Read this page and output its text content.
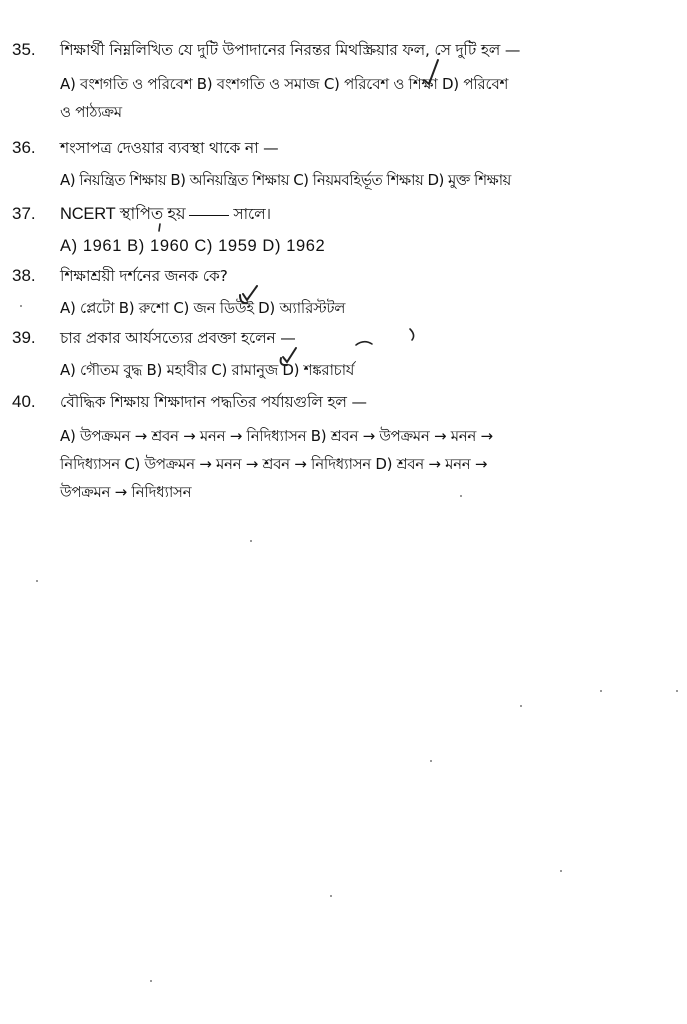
35.	শিক্ষার্থী নিম্নলিখিত যে দুটি উপাদানের নিরন্তর মিথস্ক্রিয়ার ফল, সে দুটি হল —
A) বংশগতি ও পরিবেশ B) বংশগতি ও সমাজ C) পরিবেশ ও শিক্ষা D) পরিবেশ
ও পাঠ্যক্রম
36.	শংসাপত্র দেওয়ার ব্যবস্থা থাকে না —
A) নিয়ন্ত্রিত শিক্ষায় B) অনিয়ন্ত্রিত শিক্ষায় C) নিয়মবহির্ভূত শিক্ষায় D) মুক্ত শিক্ষায়
37.	NCERT স্থাপিত হয়	সালে।
A) 1961 B) 1960 C) 1959 D) 1962
38.	শিক্ষাশ্রয়ী দর্শনের জনক কে?
A) প্লেটো B) রুশো C) জন ডিউই D) অ্যারিস্টটল
39.	চার প্রকার আর্যসত্যের প্রবক্তা হলেন —
A) গৌতম বুদ্ধ B) মহাবীর C) রামানুজ D) শঙ্করাচার্য
40.	বৌদ্ধিক শিক্ষায় শিক্ষাদান পদ্ধতির পর্যায়গুলি হল —
A) উপক্রমন → শ্রবন → মনন → নিদিধ্যাসন B) শ্রবন → উপক্রমন → মনন →
নিদিধ্যাসন C) উপক্রমন → মনন → শ্রবন → নিদিধ্যাসন D) শ্রবন → মনন →
উপক্রমন → নিদিধ্যাসন
